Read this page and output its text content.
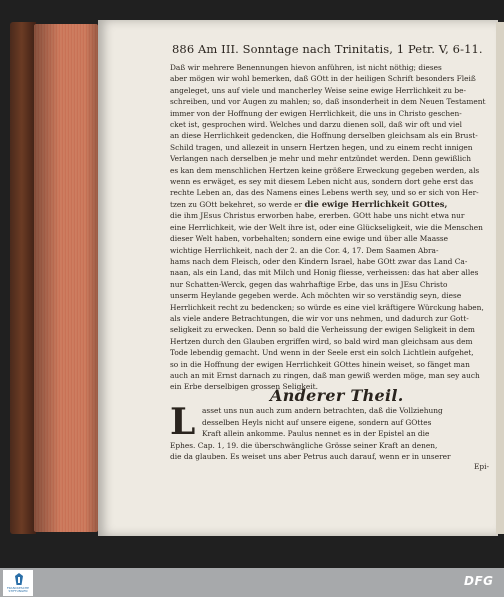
886 Am III. Sonntage nach Trinitatis, 1 Petr. V, 6-11.
Daß wir mehrere Benennungen hievon anführen, ist nicht nöthig; dieses
aber mögen wir wohl bemerken, daß GOtt in der heiligen Schrift besonders Fleiß
angeleget, uns auf viele und mancherley Weise seine ewige Herrlichkeit zu be-
schreiben, und vor Augen zu mahlen; so, daß insonderheit in dem Neuen Testament
immer von der Hoffnung der ewigen Herrlichkeit, die uns in Christo geschen-
cket ist, gesprochen wird. Welches und darzu dienen soll, daß wir oft und viel
an diese Herrlichkeit gedencken, die Hoffnung derselben gleichsam als ein Brust-
Schild tragen, und allezeit in unsern Hertzen hegen, und zu einem recht innigen
Verlangen nach derselben je mehr und mehr entzündet werden. Denn gewißlich
es kan dem menschlichen Hertzen keine größere Erweckung gegeben werden, als
wenn es erwäget, es sey mit diesem Leben nicht aus, sondern dort gehe erst das
rechte Leben an, das des Namens eines Lebens werth sey, und so er sich von Her-
tzen zu GOtt bekehret, so werde er die ewige Herrlichkeit GOttes,
die ihm JEsus Christus erworben habe, ererben. GOtt habe uns nicht etwa nur
eine Herrlichkeit, wie der Welt ihre ist, oder eine Glückseligkeit, wie die Menschen
dieser Welt haben, vorbehalten; sondern eine ewige und über alle Maasse
wichtige Herrlichkeit, nach der 2. an die Cor. 4, 17. Dem Saamen Abra-
hams nach dem Fleisch, oder den Kindern Israel, habe GOtt zwar das Land Ca-
naan, als ein Land, das mit Milch und Honig fliesse, verheissen: das hat aber alles
nur Schatten-Werck, gegen das wahrhaftige Erbe, das uns in JEsu Christo
unserm Heylande gegeben werde. Ach möchten wir so verständig seyn, diese
Herrlichkeit recht zu bedencken; so würde es eine viel kräftigere Würckung haben,
als viele andere Betrachtungen, die wir vor uns nehmen, und dadurch zur Gott-
seligkeit zu erwecken. Denn so bald die Verheissung der ewigen Seligkeit in dem
Hertzen durch den Glauben ergriffen wird, so bald wird man gleichsam aus dem
Tode lebendig gemacht. Und wenn in der Seele erst ein solch Lichtlein aufgehet,
so in die Hoffnung der ewigen Herrlichkeit GOttes hinein weiset, so fänget man
auch an mit Ernst darnach zu ringen, daß man gewiß werden möge, man sey auch
ein Erbe derselbigen grossen Seligkeit.
Anderer Theil.
L asset uns nun auch zum andern betrachten, daß die Vollziehung
desselben Heyls nicht auf unsere eigene, sondern auf GOttes
Kraft allein ankomme. Paulus nennet es in der Epistel an die
Ephes. Cap. 1, 19. die überschwängliche Grösse seiner Kraft an denen,
die da glauben. Es weiset uns aber Petrus auch darauf, wenn er in unserer
Epi-
FRANCKESCHE STIFTUNGEN
DFG
